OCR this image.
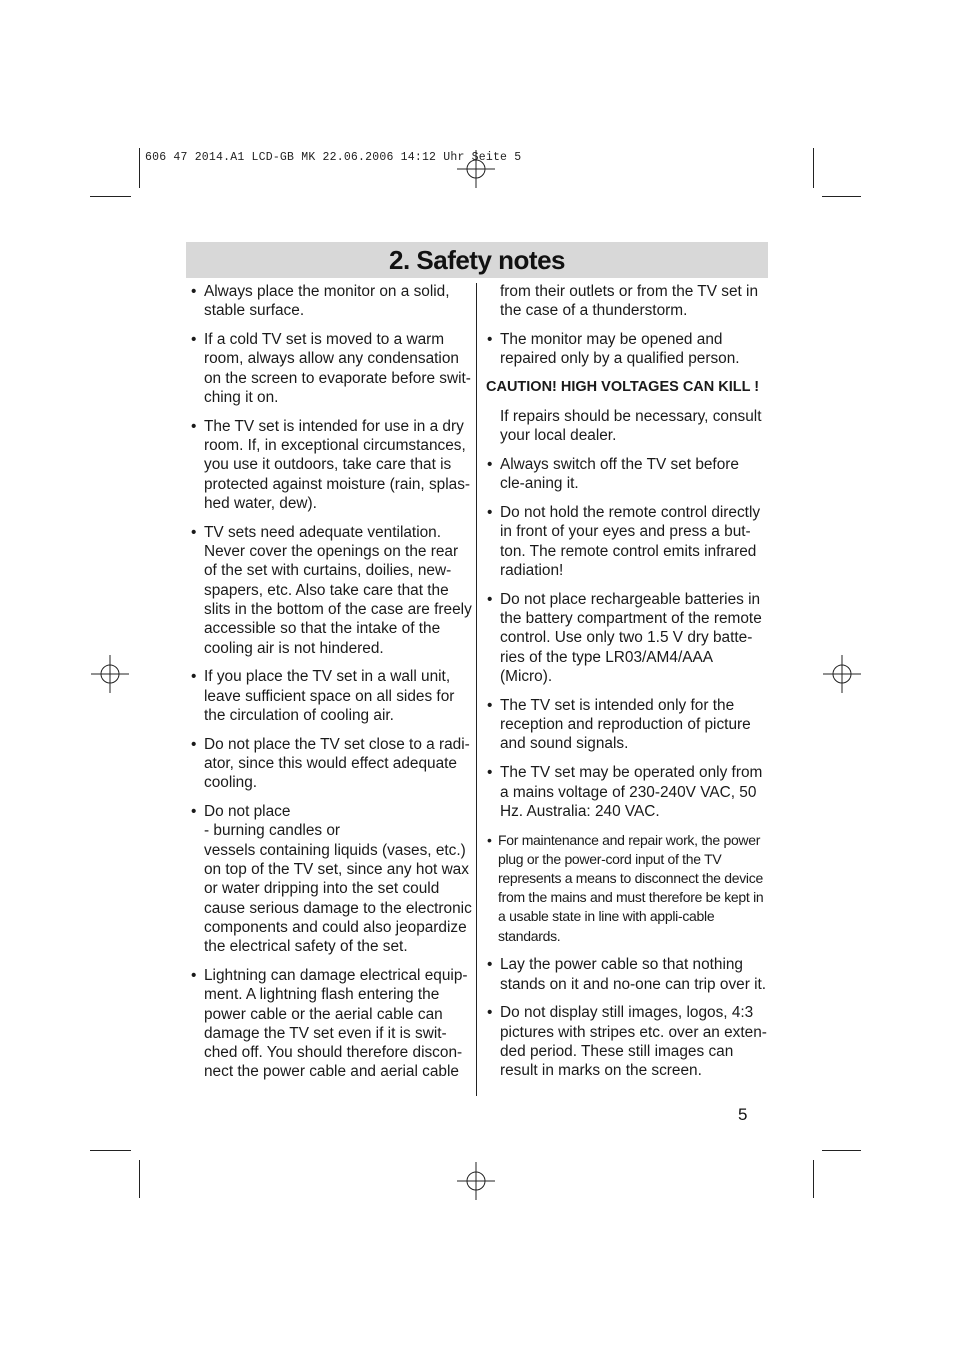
606 47 2014.A1 LCD-GB MK 22.06.2006 14:12 Uhr Seite 5
2. Safety notes

• Always place the monitor on a solid, stable surface.

• If a cold TV set is moved to a warm room, always allow any condensation on the screen to evaporate before swit-ching it on.

• The TV set is intended for use in a dry room. If, in exceptional circumstances, you use it outdoors, take care that is protected against moisture (rain, splas-hed water, dew).

• TV sets need adequate ventilation. Never cover the openings on the rear of the set with curtains, doilies, new-spapers, etc. Also take care that the slits in the bottom of the case are freely accessible so that the intake of the cooling air is not hindered.

• If you place the TV set in a wall unit, leave sufficient space on all sides for the circulation of cooling air.

• Do not place the TV set close to a radi-ator, since this would effect adequate cooling.

• Do not place
- burning candles or
vessels containing liquids (vases, etc.) on top of the TV set, since any hot wax or water dripping into the set could cause serious damage to the electronic components and could also jeopardize the electrical safety of the set.

• Lightning can damage electrical equip-ment. A lightning flash entering the power cable or the aerial cable can damage the TV set even if it is swit-ched off. You should therefore discon-nect the power cable and aerial cable

from their outlets or from the TV set in the case of a thunderstorm.

• The monitor may be opened and repaired only by a qualified person.

CAUTION! HIGH VOLTAGES CAN KILL !

If repairs should be necessary, consult your local dealer.

• Always switch off the TV set before cle-aning it.

• Do not hold the remote control directly in front of your eyes and press a but-ton. The remote control emits infrared radiation!

• Do not place rechargeable batteries in the battery compartment of the remote control. Use only two 1.5 V dry batte-ries of the type LR03/AM4/AAA (Micro).

• The TV set is intended only for the reception and reproduction of picture and sound signals.

• The TV set may be operated only from a mains voltage of 230-240V VAC, 50 Hz. Australia: 240 VAC.

• For maintenance and repair work, the power plug or the power-cord input of the TV represents a means to disconnect the device from the mains and must therefore be kept in a usable state in line with appli-cable standards.

• Lay the power cable so that nothing stands on it and no-one can trip over it.

• Do not display still images, logos, 4:3 pictures with stripes etc. over an exten-ded period. These still images can result in marks on the screen.

5
